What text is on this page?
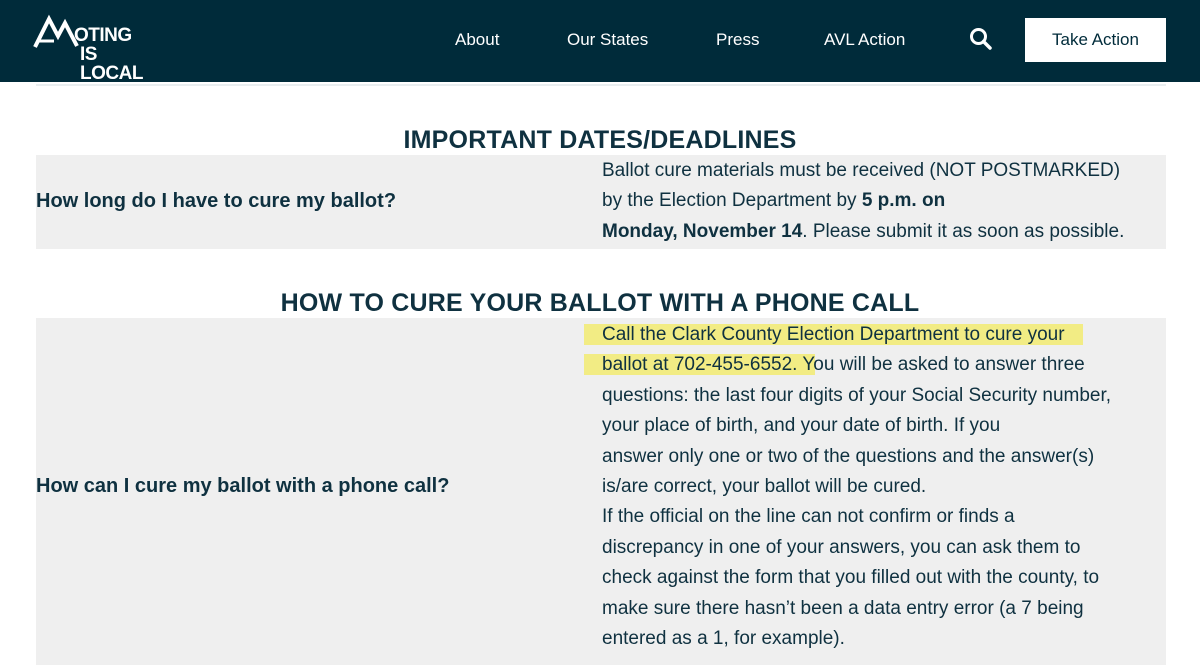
OTING
IS LOCAL
About	Our States	Press	AVL Action	Take Action
IMPORTANT DATES/DEADLINES

How long do I have to cure my ballot?

Ballot cure materials must be received (NOT POSTMARKED)

by the Election Department by 5 p.m. on

Monday, November 14. Please submit it as soon as possible.

HOW TO CURE YOUR BALLOT WITH A PHONE CALL

How can I cure my ballot with a phone call?

Call the Clark County Election Department to cure your

ballot at 702-455-6552. You will be asked to answer three

questions: the last four digits of your Social Security number,

your place of birth, and your date of birth. If you

answer only one or two of the questions and the answer(s)

is/are correct, your ballot will be cured.

If the official on the line can not confirm or finds a

discrepancy in one of your answers, you can ask them to

check against the form that you filled out with the county, to

make sure there hasn’t been a data entry error (a 7 being

entered as a 1, for example).
